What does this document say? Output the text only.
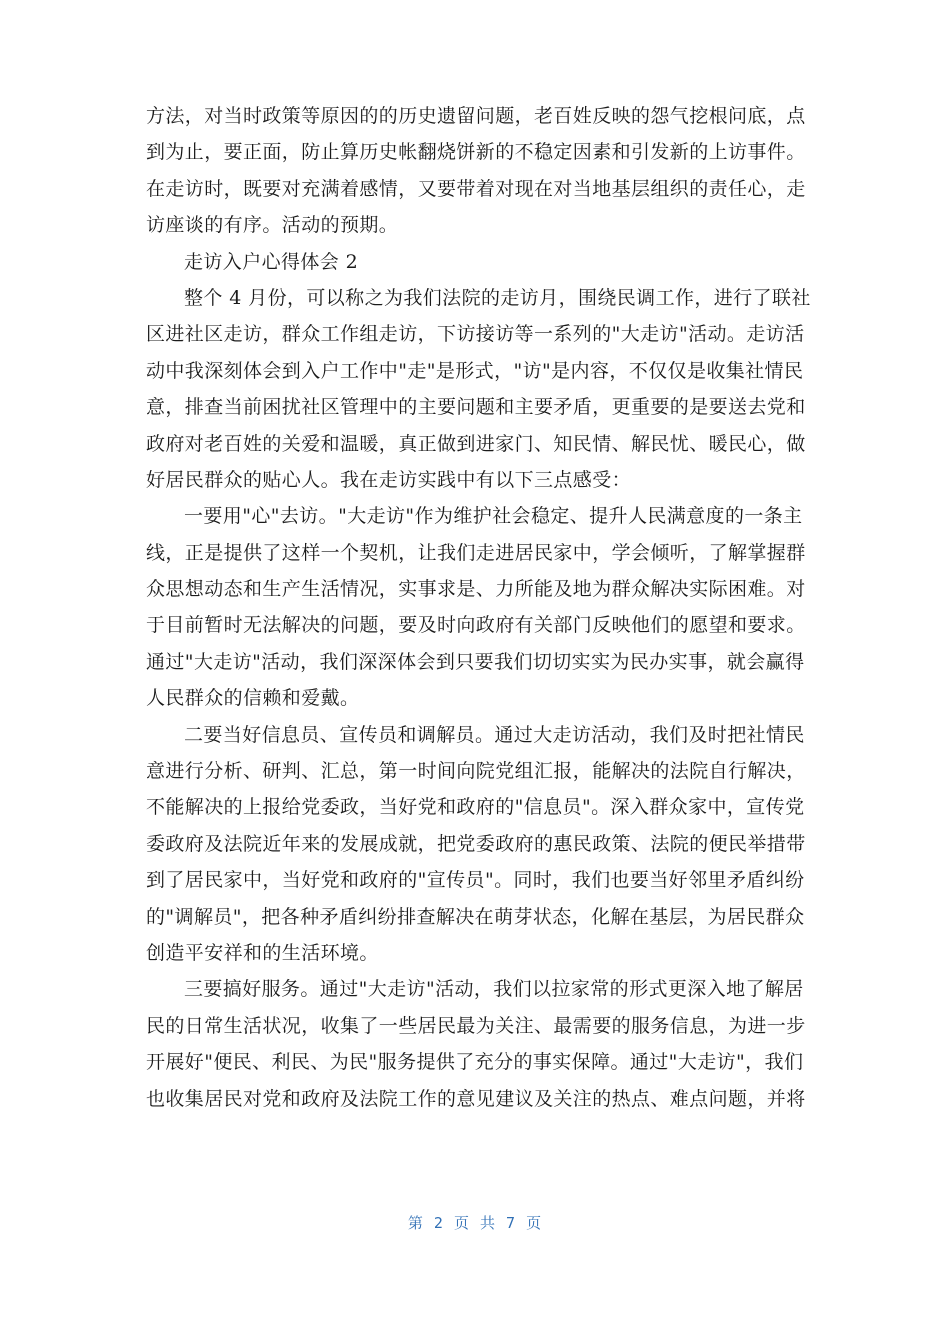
方法，对当时政策等原因的的历史遗留问题，老百姓反映的怨气挖根问底，点
到为止，要正面，防止算历史帐翻烧饼新的不稳定因素和引发新的上访事件。
在走访时，既要对充满着感情，又要带着对现在对当地基层组织的责任心，走
访座谈的有序。活动的预期。
走访入户心得体会 2
整个 4 月份，可以称之为我们法院的走访月，围绕民调工作，进行了联社
区进社区走访，群众工作组走访，下访接访等一系列的"大走访"活动。走访活
动中我深刻体会到入户工作中"走"是形式，"访"是内容，不仅仅是收集社情民
意，排查当前困扰社区管理中的主要问题和主要矛盾，更重要的是要送去党和
政府对老百姓的关爱和温暖，真正做到进家门、知民情、解民忧、暖民心，做
好居民群众的贴心人。我在走访实践中有以下三点感受：
一要用"心"去访。"大走访"作为维护社会稳定、提升人民满意度的一条主
线，正是提供了这样一个契机，让我们走进居民家中，学会倾听，了解掌握群
众思想动态和生产生活情况，实事求是、力所能及地为群众解决实际困难。对
于目前暂时无法解决的问题，要及时向政府有关部门反映他们的愿望和要求。
通过"大走访"活动，我们深深体会到只要我们切切实实为民办实事，就会赢得
人民群众的信赖和爱戴。
二要当好信息员、宣传员和调解员。通过大走访活动，我们及时把社情民
意进行分析、研判、汇总，第一时间向院党组汇报，能解决的法院自行解决，
不能解决的上报给党委政，当好党和政府的"信息员"。深入群众家中，宣传党
委政府及法院近年来的发展成就，把党委政府的惠民政策、法院的便民举措带
到了居民家中，当好党和政府的"宣传员"。同时，我们也要当好邻里矛盾纠纷
的"调解员"，把各种矛盾纠纷排查解决在萌芽状态，化解在基层，为居民群众
创造平安祥和的生活环境。
三要搞好服务。通过"大走访"活动，我们以拉家常的形式更深入地了解居
民的日常生活状况，收集了一些居民最为关注、最需要的服务信息，为进一步
开展好"便民、利民、为民"服务提供了充分的事实保障。通过"大走访"，我们
也收集居民对党和政府及法院工作的意见建议及关注的热点、难点问题，并将
第 2 页 共 7 页
